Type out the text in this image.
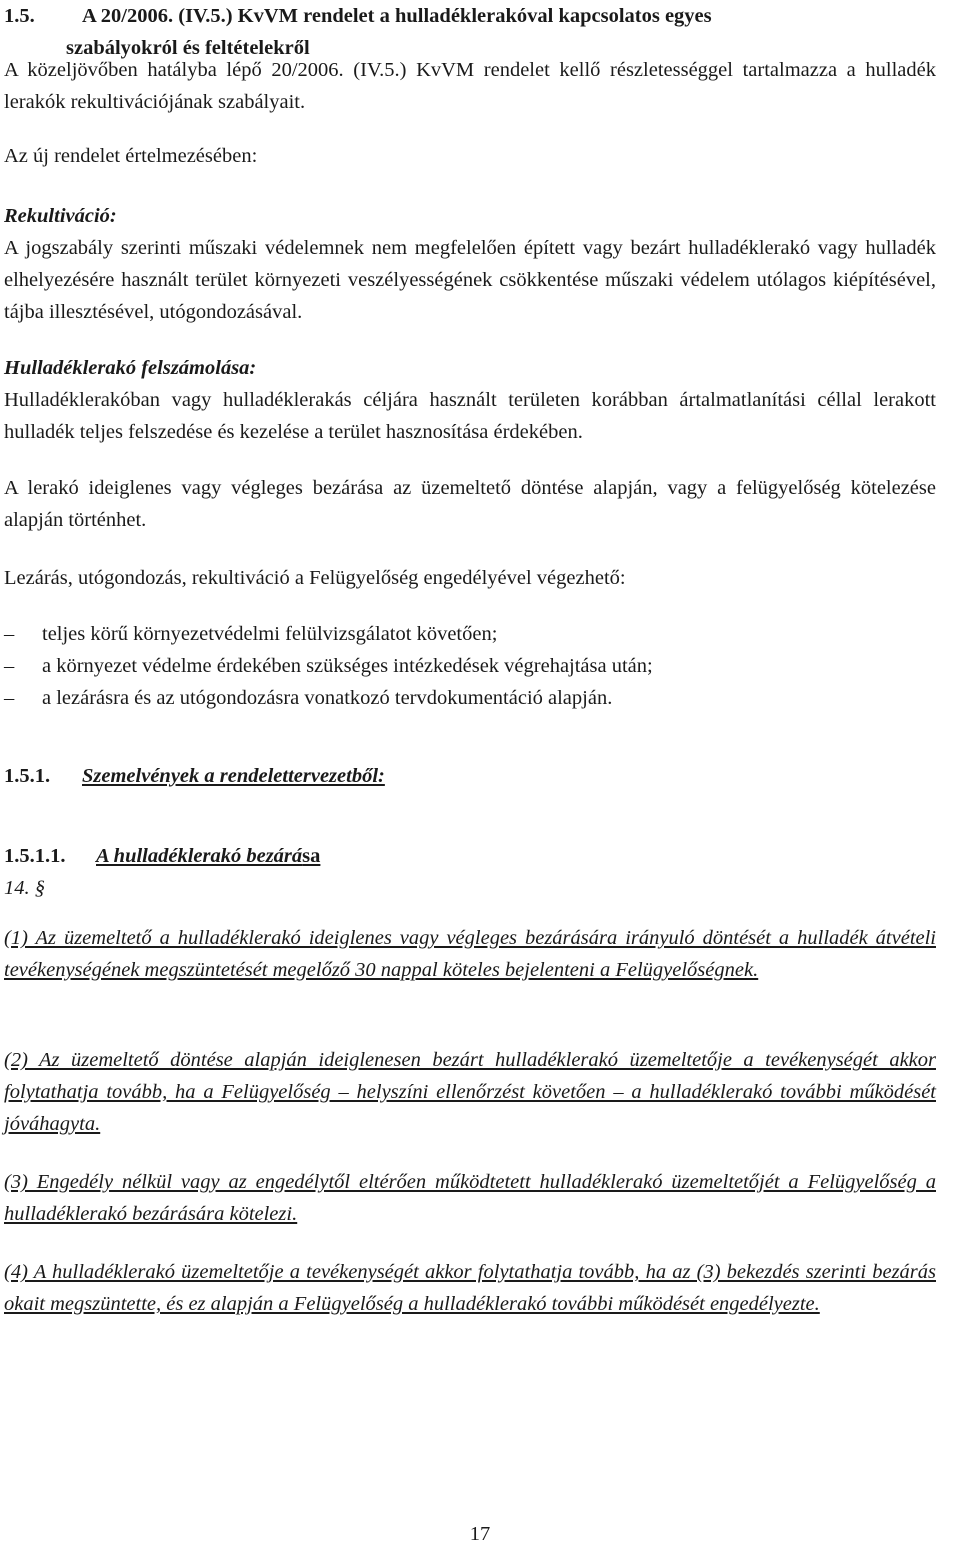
1.5. A 20/2006. (IV.5.) KvVM rendelet a hulladéklerakóval kapcsolatos egyes
szabályokról és feltételekről

A közeljövőben hatályba lépő 20/2006. (IV.5.) KvVM rendelet kellő részletességgel tartalmazza a hulladék lerakók rekultivációjának szabályait.

Az új rendelet értelmezésében:

Rekultiváció:
A jogszabály szerinti műszaki védelemnek nem megfelelően épített vagy bezárt hulladéklerakó vagy hulladék elhelyezésére használt terület környezeti veszélyességének csökkentése műszaki védelem utólagos kiépítésével, tájba illesztésével, utógondozásával.
Hulladéklerakó felszámolása:
Hulladéklerakóban vagy hulladéklerakás céljára használt területen korábban ártalmatlanítási céllal lerakott hulladék teljes felszedése és kezelése a terület hasznosítása érdekében.

A lerakó ideiglenes vagy végleges bezárása az üzemeltető döntése alapján, vagy a felügyelőség kötelezése alapján történhet.

Lezárás, utógondozás, rekultiváció a Felügyelőség engedélyével végezhető:

– teljes körű környezetvédelmi felülvizsgálatot követően;
– a környezet védelme érdekében szükséges intézkedések végrehajtása után;
– a lezárásra és az utógondozásra vonatkozó tervdokumentáció alapján.
1.5.1. Szemelvények a rendelettervezetből:
1.5.1.1. A hulladéklerakó bezárása
14. §

(1) Az üzemeltető a hulladéklerakó ideiglenes vagy végleges bezárására irányuló döntését a hulladék átvételi tevékenységének megszüntetését megelőző 30 nappal köteles bejelenteni a Felügyelőségnek.

(2) Az üzemeltető döntése alapján ideiglenesen bezárt hulladéklerakó üzemeltetője a tevékenységét akkor folytathatja tovább, ha a Felügyelőség – helyszíni ellenőrzést követően – a hulladéklerakó további működését jóváhagyta.

(3) Engedély nélkül vagy az engedélytől eltérően működtetett hulladéklerakó üzemeltetőjét a Felügyelőség a hulladéklerakó bezárására kötelezi.

(4) A hulladéklerakó üzemeltetője a tevékenységét akkor folytathatja tovább, ha az (3) bekezdés szerinti bezárás okait megszüntette, és ez alapján a Felügyelőség a hulladéklerakó további működését engedélyezte.

17
